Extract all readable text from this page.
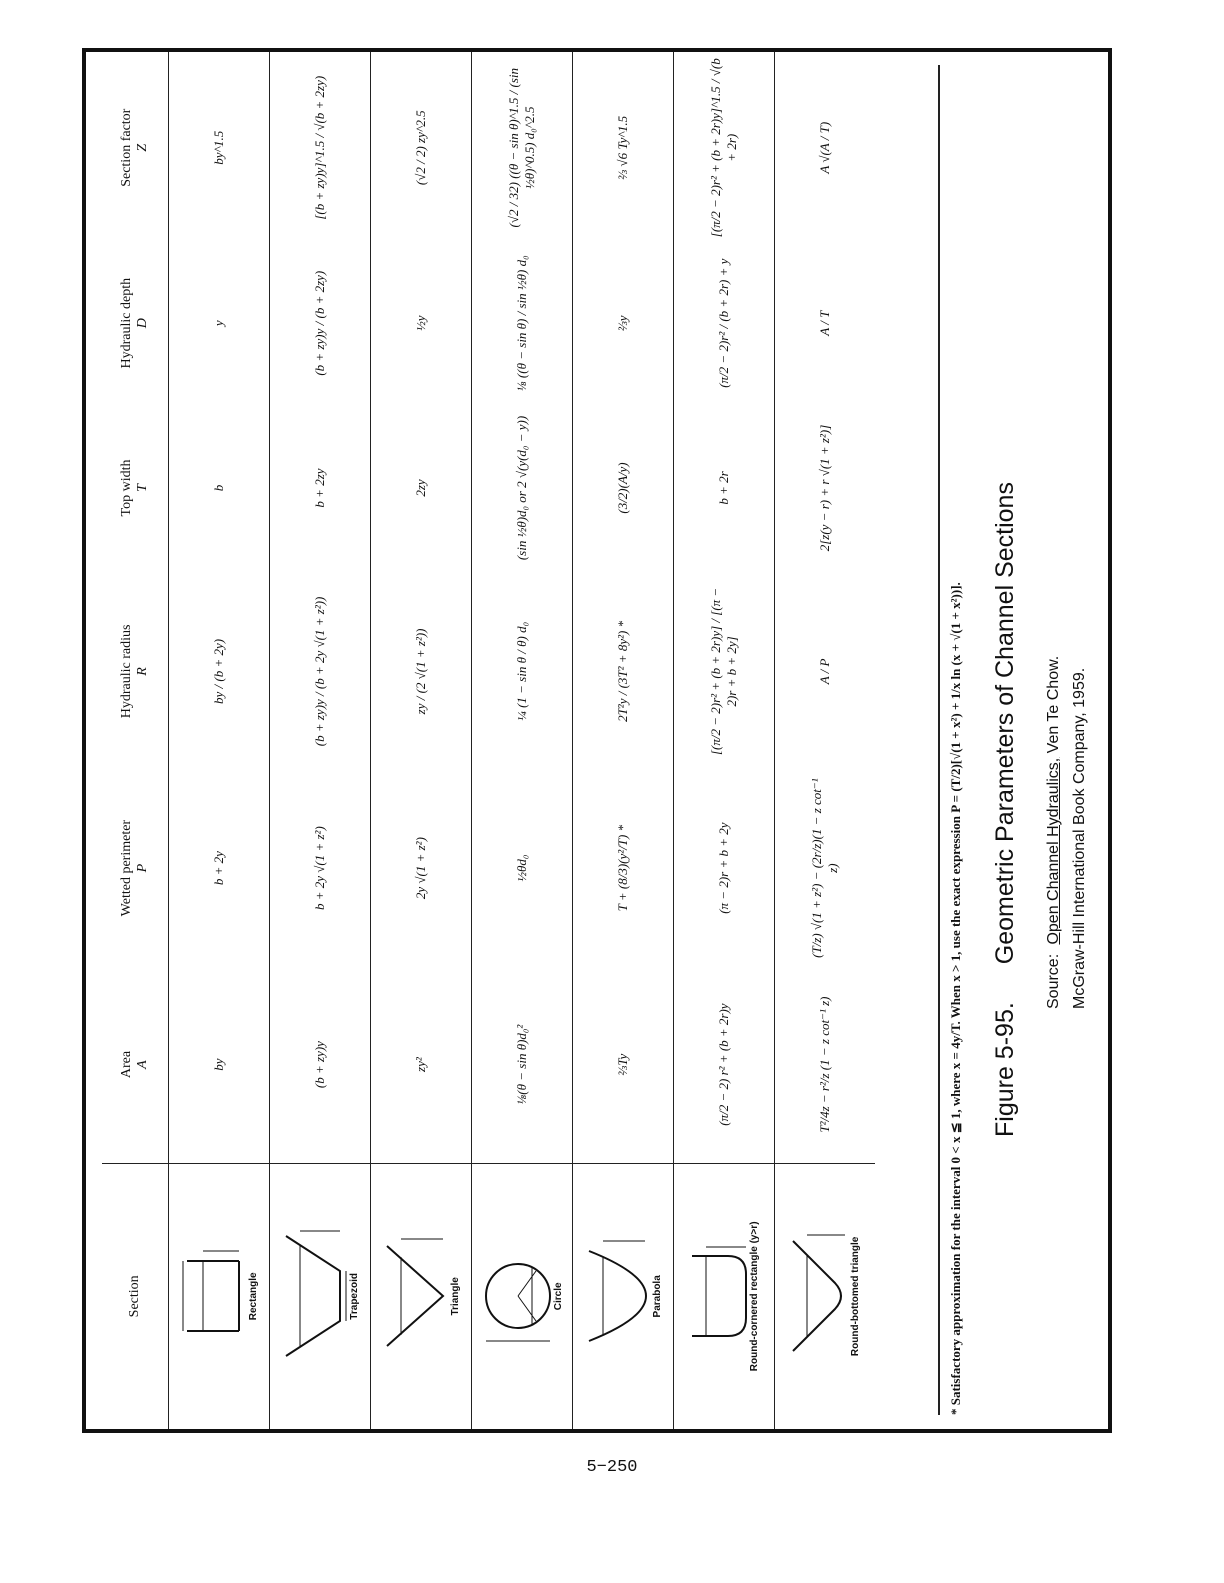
Section	Area A	Wetted perimeter P	Hydraulic radius R	Top width T	Hydraulic depth D	Section factor Z

Rectangle	by	b + 2y	by / (b + 2y)	b	y	by^1.5

Trapezoid	(b + zy)y	b + 2y √(1 + z²)	(b + zy)y / (b + 2y √(1 + z²))	b + 2zy	(b + zy)y / (b + 2zy)	[(b + zy)y]^1.5 / √(b + 2zy)

Triangle	zy²	2y √(1 + z²)	zy / (2 √(1 + z²))	2zy	½y	(√2 / 2) zy^2.5

Circle	⅛(θ − sin θ)d₀²	½θd₀	¼ (1 − sin θ / θ) d₀	(sin ½θ)d₀ or 2 √(y(d₀ − y))	⅛ ((θ − sin θ) / sin ½θ) d₀	(√2 / 32) ((θ − sin θ)^1.5 / (sin ½θ)^0.5) d₀^2.5

Parabola	⅔Ty	T + (8/3)(y²/T) *	2T²y / (3T² + 8y²) *	(3/2)(A/y)	⅔y	⅔ √6 Ty^1.5

Round-cornered rectangle (y>r)	(π/2 − 2) r² + (b + 2r)y	(π − 2)r + b + 2y	[(π/2 − 2)r² + (b + 2r)y] / [(π − 2)r + b + 2y]	b + 2r	(π/2 − 2)r² / (b + 2r) + y	[(π/2 − 2)r² + (b + 2r)y]^1.5 / √(b + 2r)

Round-bottomed triangle	T²/4z − r²/z (1 − z cot⁻¹ z)	(T/z) √(1 + z²) − (2r/z)(1 − z cot⁻¹ z)	A / P	2[z(y − r) + r √(1 + z²)]	A / T	A √(A / T)
* Satisfactory approximation for the interval 0 < x ≦ 1, where x = 4y/T. When x > 1, use the exact expression P = (T/2)[√(1 + x²) + 1/x ln (x + √(1 + x²))]. Figure 5-95.Geometric Parameters of Channel Sections
Source: Open Channel Hydraulics, Ven Te Chow. McGraw-Hill International Book Company, 1959.
5−250
